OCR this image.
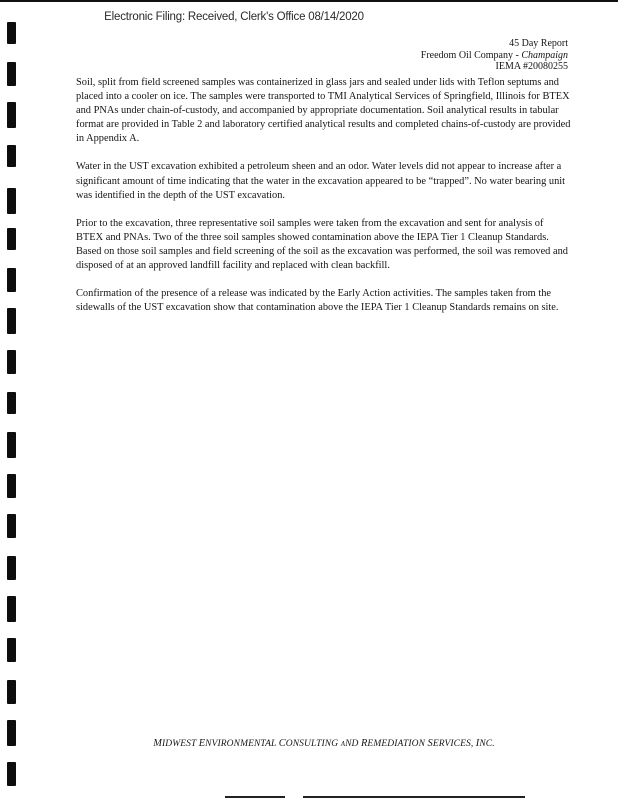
Electronic Filing: Received, Clerk's Office 08/14/2020
45 Day Report
Freedom Oil Company - Champaign
IEMA #20080255

Soil, split from field screened samples was containerized in glass jars and sealed under lids with Teflon septums and placed into a cooler on ice. The samples were transported to TMI Analytical Services of Springfield, Illinois for BTEX and PNAs under chain-of-custody, and accompanied by appropriate documentation. Soil analytical results in tabular format are provided in Table 2 and laboratory certified analytical results and completed chains-of-custody are provided in Appendix A.

Water in the UST excavation exhibited a petroleum sheen and an odor. Water levels did not appear to increase after a significant amount of time indicating that the water in the excavation appeared to be “trapped”. No water bearing unit was identified in the depth of the UST excavation.

Prior to the excavation, three representative soil samples were taken from the excavation and sent for analysis of BTEX and PNAs. Two of the three soil samples showed contamination above the IEPA Tier 1 Cleanup Standards. Based on those soil samples and field screening of the soil as the excavation was performed, the soil was removed and disposed of at an approved landfill facility and replaced with clean backfill.

Confirmation of the presence of a release was indicated by the Early Action activities. The samples taken from the sidewalls of the UST excavation show that contamination above the IEPA Tier 1 Cleanup Standards remains on site.

MIDWEST ENVIRONMENTAL CONSULTING aND REMEDIATION SERVICES, INC.
